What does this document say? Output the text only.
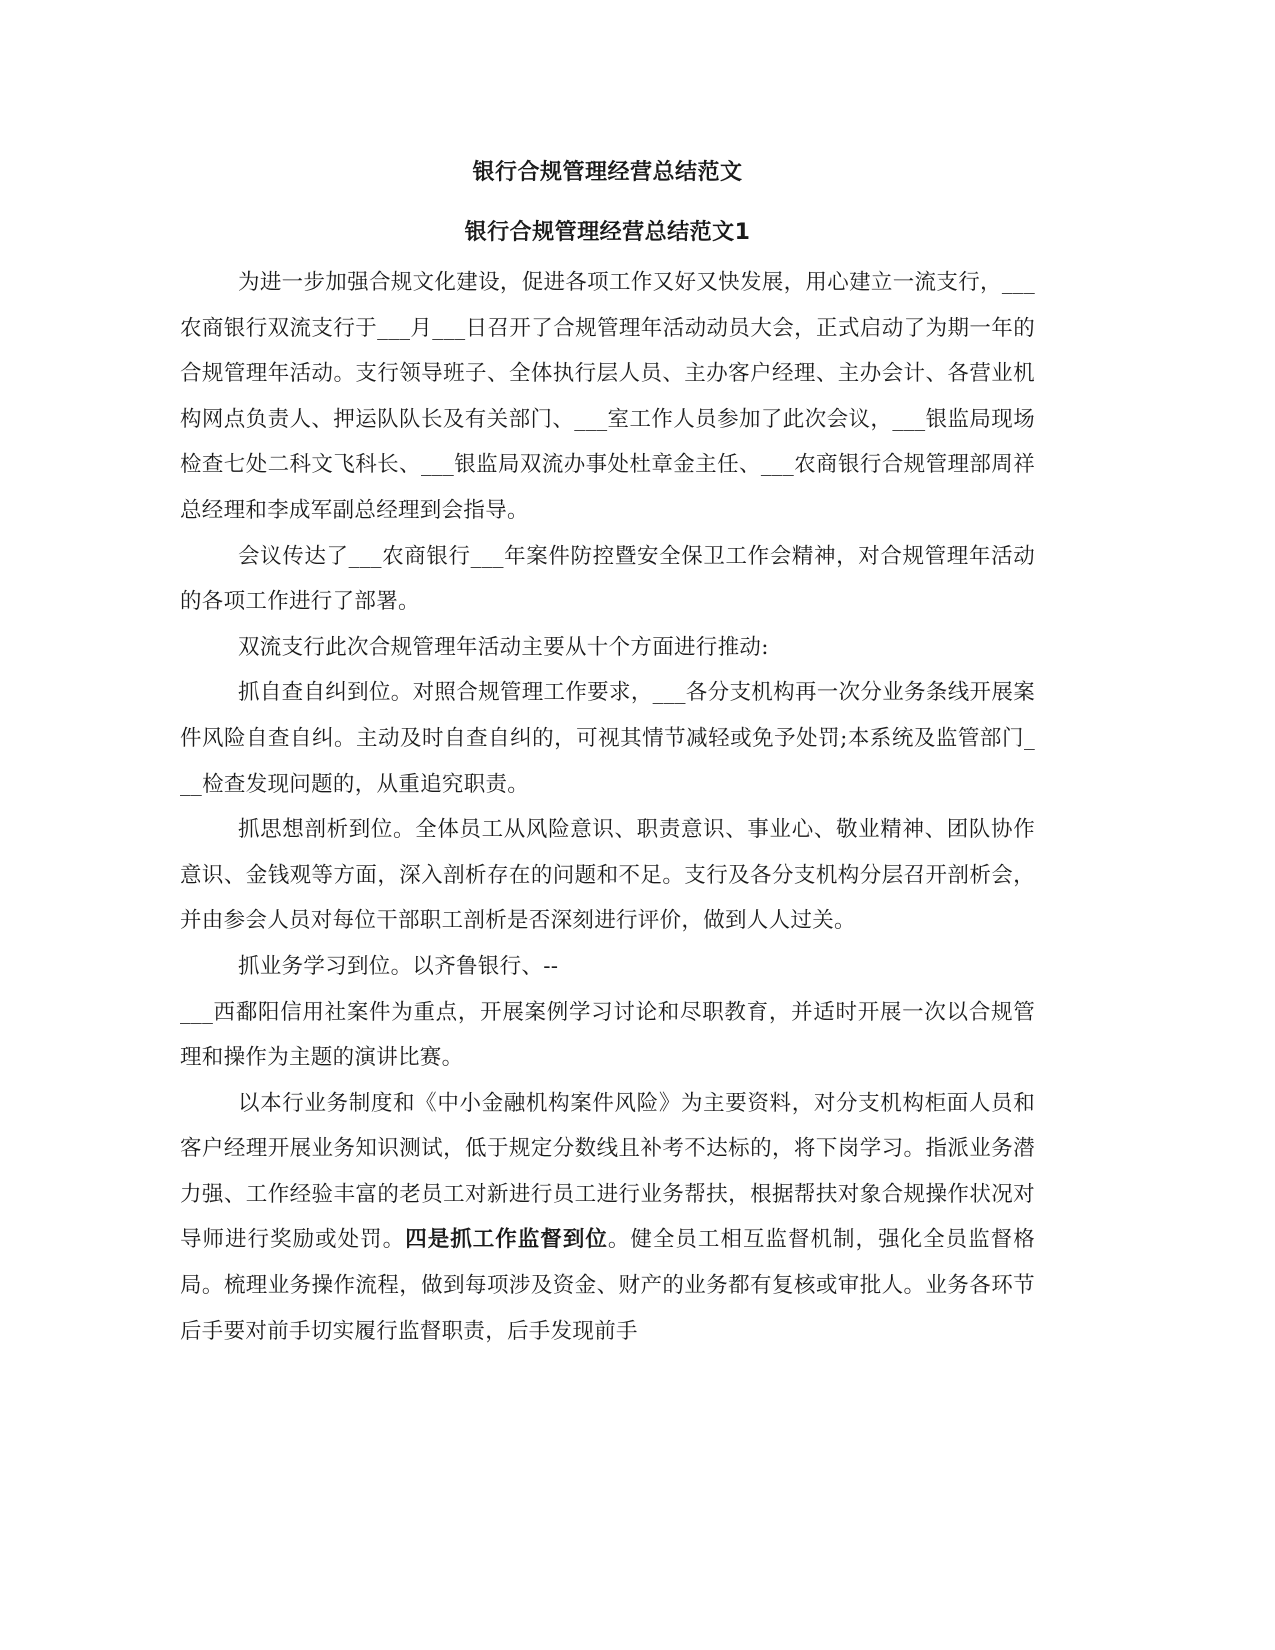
银行合规管理经营总结范文
银行合规管理经营总结范文1

为进一步加强合规文化建设，促进各项工作又好又快发展，用心建立一流支行，___农商银行双流支行于___月___日召开了合规管理年活动动员大会，正式启动了为期一年的合规管理年活动。支行领导班子、全体执行层人员、主办客户经理、主办会计、各营业机构网点负责人、押运队队长及有关部门、___室工作人员参加了此次会议，___银监局现场检查七处二科文飞科长、___银监局双流办事处杜章金主任、___农商银行合规管理部周祥总经理和李成军副总经理到会指导。

会议传达了___农商银行___年案件防控暨安全保卫工作会精神，对合规管理年活动的各项工作进行了部署。

双流支行此次合规管理年活动主要从十个方面进行推动:

抓自查自纠到位。对照合规管理工作要求，___各分支机构再一次分业务条线开展案件风险自查自纠。主动及时自查自纠的，可视其情节减轻或免予处罚;本系统及监管部门___检查发现问题的，从重追究职责。

抓思想剖析到位。全体员工从风险意识、职责意识、事业心、敬业精神、团队协作意识、金钱观等方面，深入剖析存在的问题和不足。支行及各分支机构分层召开剖析会，并由参会人员对每位干部职工剖析是否深刻进行评价，做到人人过关。

抓业务学习到位。以齐鲁银行、--

___西鄱阳信用社案件为重点，开展案例学习讨论和尽职教育，并适时开展一次以合规管理和操作为主题的演讲比赛。

以本行业务制度和《中小金融机构案件风险》为主要资料，对分支机构柜面人员和客户经理开展业务知识测试，低于规定分数线且补考不达标的，将下岗学习。指派业务潜力强、工作经验丰富的老员工对新进行员工进行业务帮扶，根据帮扶对象合规操作状况对导师进行奖励或处罚。四是抓工作监督到位。健全员工相互监督机制，强化全员监督格局。梳理业务操作流程，做到每项涉及资金、财产的业务都有复核或审批人。业务各环节后手要对前手切实履行监督职责，后手发现前手
